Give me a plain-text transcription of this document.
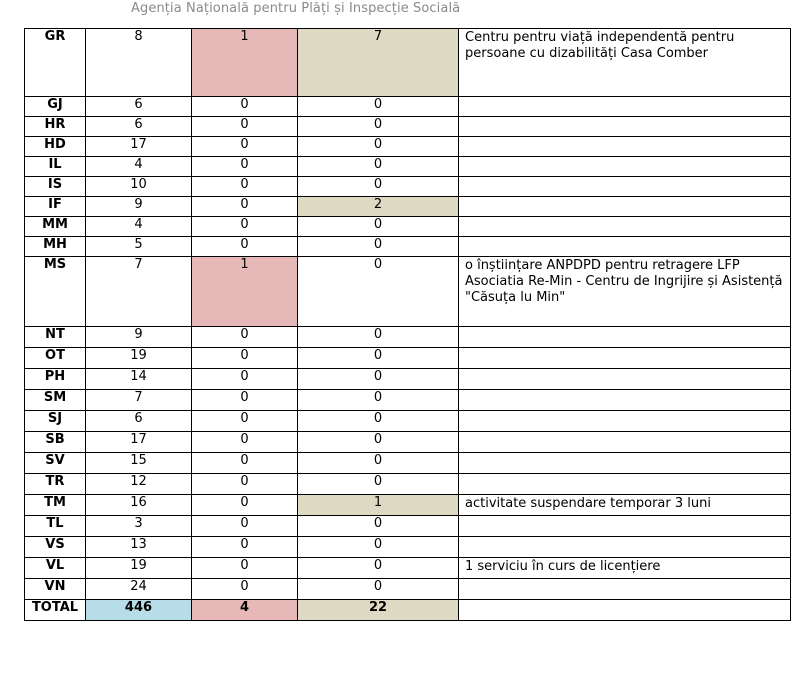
Agenția Națională pentru Plăți și Inspecție Socială
GR	8	1	7	Centru pentru viață independentă pentru persoane cu dizabilități Casa Comber
GJ	6	0	0	
HR	6	0	0	
HD	17	0	0	
IL	4	0	0	
IS	10	0	0	
IF	9	0	2	
MM	4	0	0	
MH	5	0	0	
MS	7	1	0	o înștiințare ANPDPD pentru retragere LFP Asociatia Re-Min - Centru de Ingrijire și Asistență "Căsuța lu Min"
NT	9	0	0	
OT	19	0	0	
PH	14	0	0	
SM	7	0	0	
SJ	6	0	0	
SB	17	0	0	
SV	15	0	0	
TR	12	0	0	
TM	16	0	1	activitate suspendare temporar 3 luni
TL	3	0	0	
VS	13	0	0	
VL	19	0	0	1 serviciu în curs de licențiere
VN	24	0	0	
TOTAL	446	4	22	
